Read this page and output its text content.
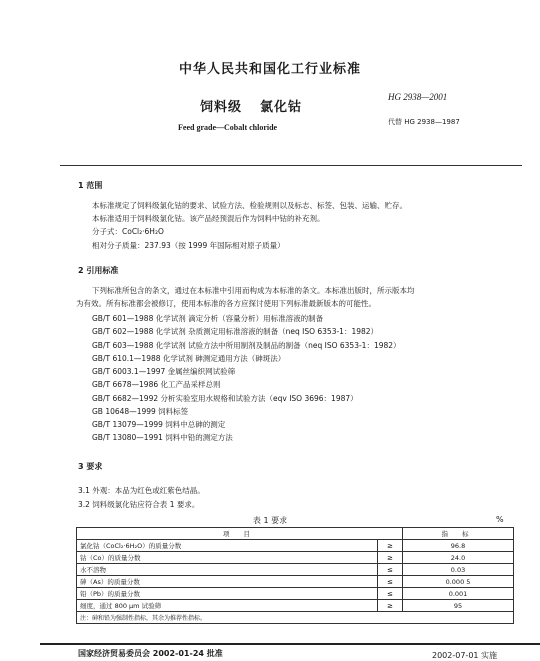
中华人民共和国化工行业标准
HG 2938—2001
饲料级 氯化钴
代替 HG 2938—1987
Feed grade—Cobalt chloride
1 范围
本标准规定了饲料级氯化钴的要求、试验方法、检验规则以及标志、标签、包装、运输、贮存。
本标准适用于饲料级氯化钴。该产品经预混后作为饲料中钴的补充剂。
分子式：CoCl₂·6H₂O
相对分子质量：237.93（按 1999 年国际相对原子质量）
2 引用标准
下列标准所包含的条文，通过在本标准中引用而构成为本标准的条文。本标准出版时，所示版本均
为有效。所有标准都会被修订，使用本标准的各方应探讨使用下列标准最新版本的可能性。
GB/T 601—1988 化学试剂 滴定分析（容量分析）用标准溶液的制备
GB/T 602—1988 化学试剂 杂质测定用标准溶液的制备（neq ISO 6353-1：1982）
GB/T 603—1988 化学试剂 试验方法中所用制剂及制品的制备（neq ISO 6353-1：1982）
GB/T 610.1—1988 化学试剂 砷测定通用方法（砷斑法）
GB/T 6003.1—1997 金属丝编织网试验筛
GB/T 6678—1986 化工产品采样总则
GB/T 6682—1992 分析实验室用水规格和试验方法（eqv ISO 3696：1987）
GB 10648—1999 饲料标签
GB/T 13079—1999 饲料中总砷的测定
GB/T 13080—1991 饲料中铅的测定方法
3 要求
3.1 外观：本品为红色或红紫色结晶。
3.2 饲料级氯化钴应符合表 1 要求。
表 1 要求	%
项 目		指 标
氯化钴（CoCl₂·6H₂O）的质量分数	≥	96.8
钴（Co）的质量分数	≥	24.0
水不溶物	≤	0.03
砷（As）的质量分数	≤	0.000 5
铅（Pb）的质量分数	≤	0.001
细度，通过 800 μm 试验筛	≥	95
注：砷和铅为强制性指标，其余为推荐性指标。		
国家经济贸易委员会 2002-01-24 批准	2002-07-01 实施
